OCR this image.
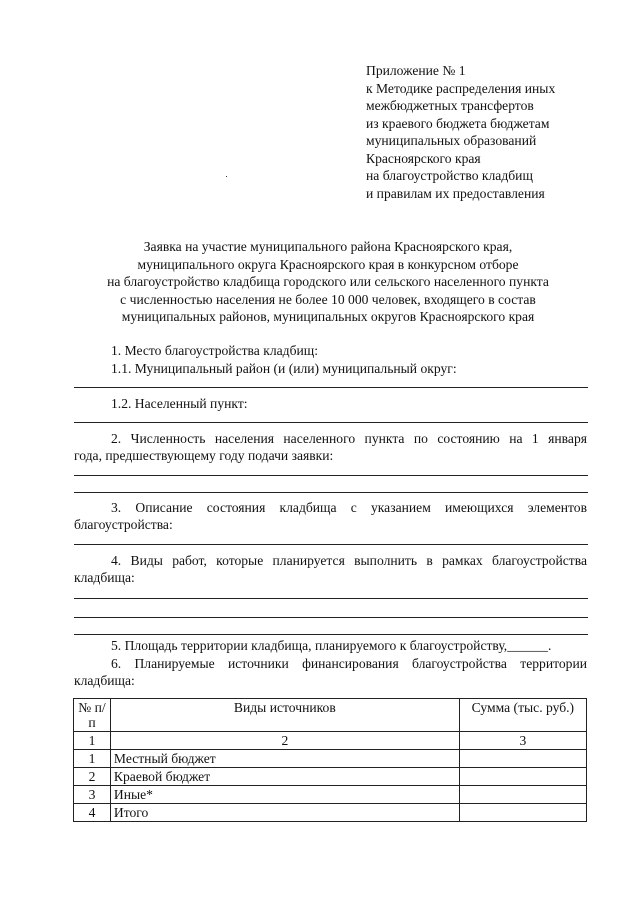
Приложение № 1
к Методике распределения иных
межбюджетных трансфертов
из краевого бюджета бюджетам
муниципальных образований
Красноярского края
на благоустройство кладбищ
и правилам их предоставления
Заявка на участие муниципального района Красноярского края,
муниципального округа Красноярского края в конкурсном отборе
на благоустройство кладбища городского или сельского населенного пункта
с численностью населения не более 10 000 человек, входящего в состав
муниципальных районов, муниципальных округов Красноярского края
1. Место благоустройства кладбищ:
1.1. Муниципальный район (и (или) муниципальный округ:
1.2. Населенный пункт:
2. Численность населения населенного пункта по состоянию на 1 января
года, предшествующему году подачи заявки:
3. Описание состояния кладбища с указанием имеющихся элементов
благоустройства:
4. Виды работ, которые планируется выполнить в рамках благоустройства
кладбища:
5. Площадь территории кладбища, планируемого к благоустройству,______.
6. Планируемые источники финансирования благоустройства территории
кладбища:
№ п/п	Виды источников	Сумма (тыс. руб.)
1	2	3
1	Местный бюджет	
2	Краевой бюджет	
3	Иные*	
4	Итого	
